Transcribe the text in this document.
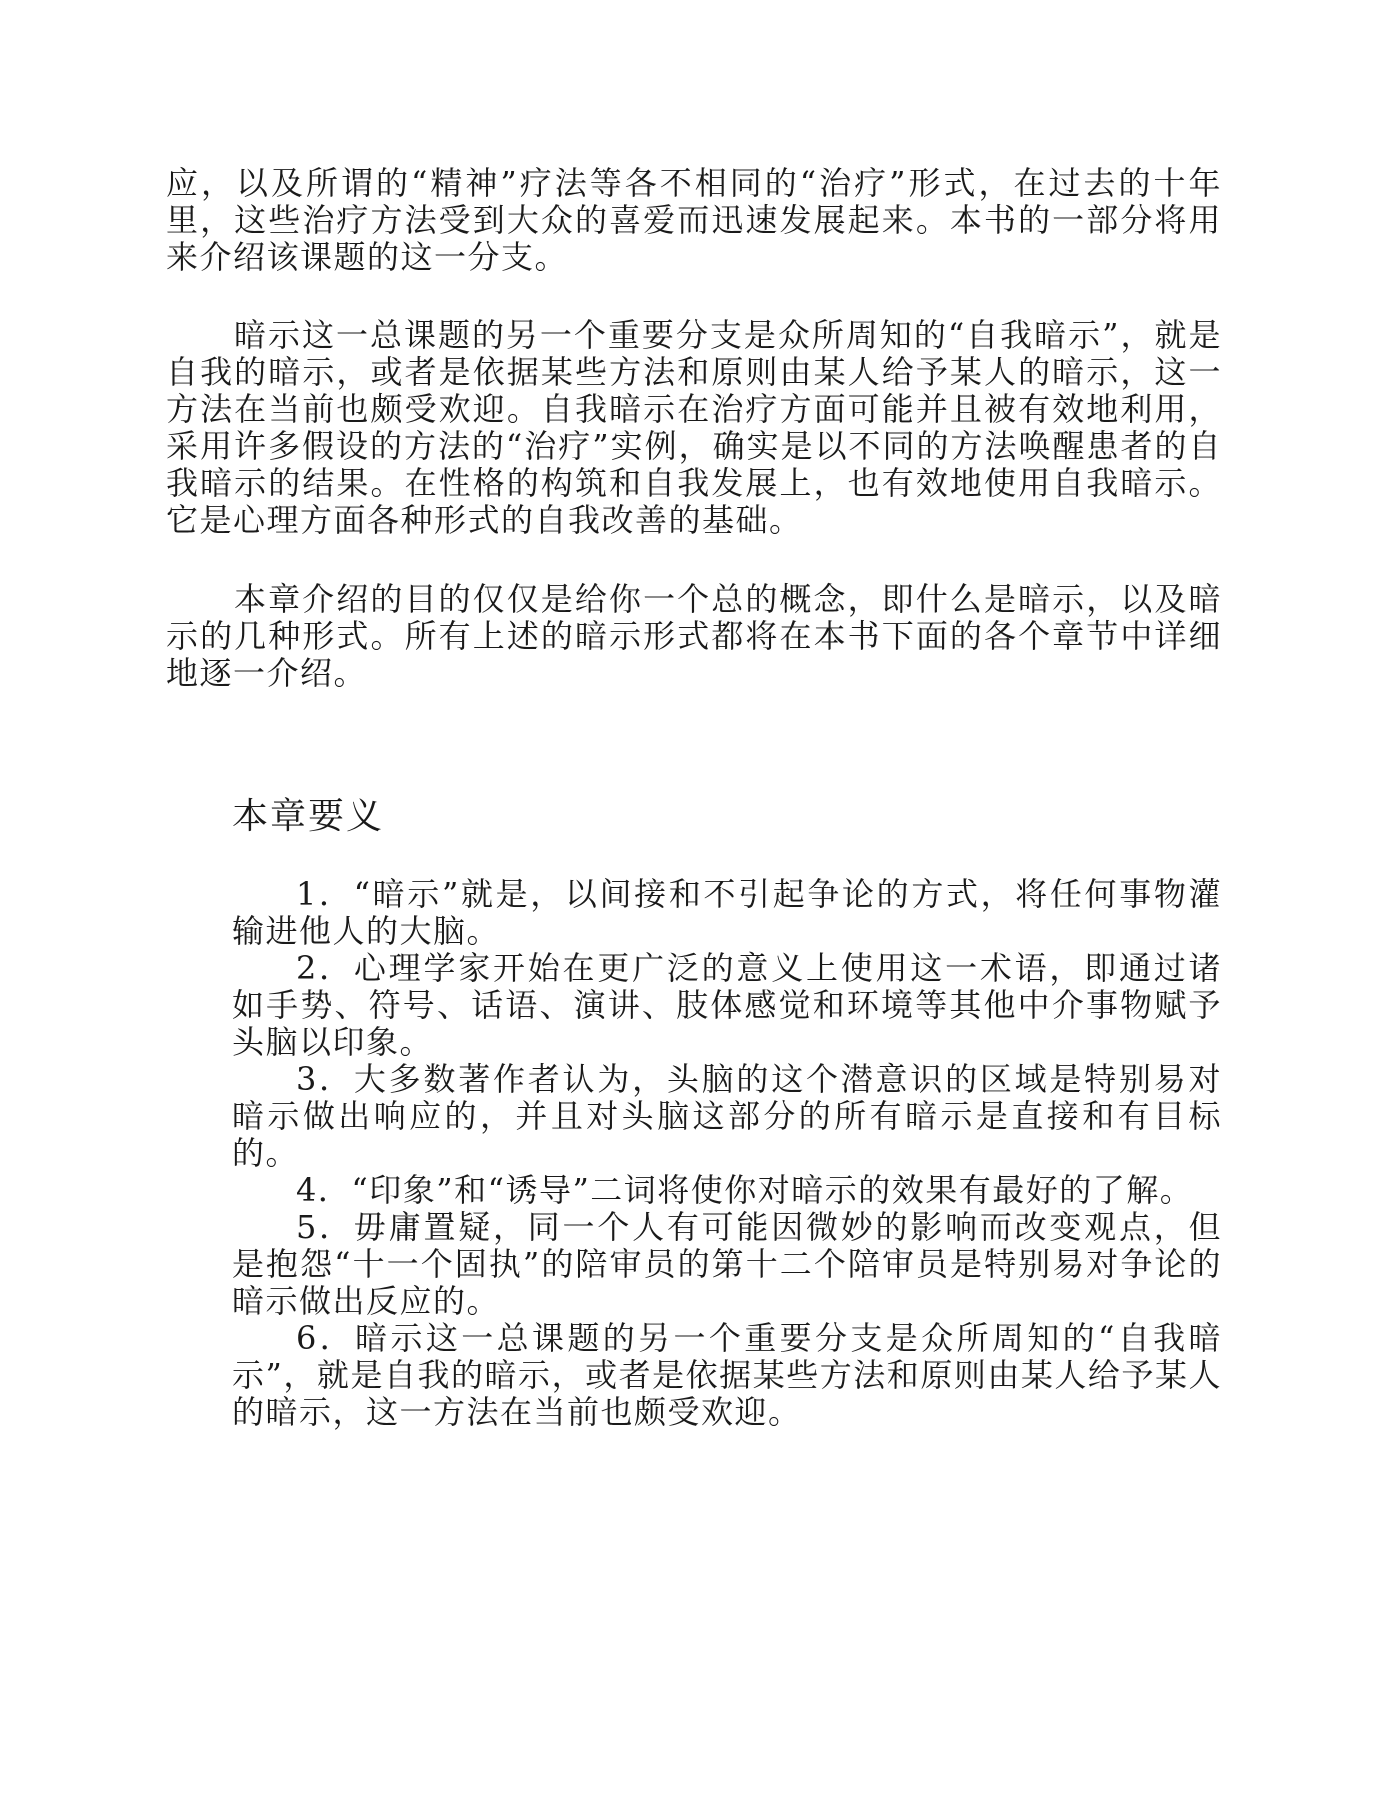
应，以及所谓的“精神”疗法等各不相同的“治疗”形式，在过去的十年里，这些治疗方法受到大众的喜爱而迅速发展起来。本书的一部分将用来介绍该课题的这一分支。

暗示这一总课题的另一个重要分支是众所周知的“自我暗示”，就是自我的暗示，或者是依据某些方法和原则由某人给予某人的暗示，这一方法在当前也颇受欢迎。自我暗示在治疗方面可能并且被有效地利用，采用许多假设的方法的“治疗”实例，确实是以不同的方法唤醒患者的自我暗示的结果。在性格的构筑和自我发展上，也有效地使用自我暗示。它是心理方面各种形式的自我改善的基础。

本章介绍的目的仅仅是给你一个总的概念，即什么是暗示，以及暗示的几种形式。所有上述的暗示形式都将在本书下面的各个章节中详细地逐一介绍。

本章要义
1．“暗示”就是，以间接和不引起争论的方式，将任何事物灌输进他人的大脑。
2．心理学家开始在更广泛的意义上使用这一术语，即通过诸如手势、符号、话语、演讲、肢体感觉和环境等其他中介事物赋予头脑以印象。
3．大多数著作者认为，头脑的这个潜意识的区域是特别易对暗示做出响应的，并且对头脑这部分的所有暗示是直接和有目标的。
4．“印象”和“诱导”二词将使你对暗示的效果有最好的了解。
5．毋庸置疑，同一个人有可能因微妙的影响而改变观点，但是抱怨“十一个固执”的陪审员的第十二个陪审员是特别易对争论的暗示做出反应的。
6．暗示这一总课题的另一个重要分支是众所周知的“自我暗示”，就是自我的暗示，或者是依据某些方法和原则由某人给予某人的暗示，这一方法在当前也颇受欢迎。
